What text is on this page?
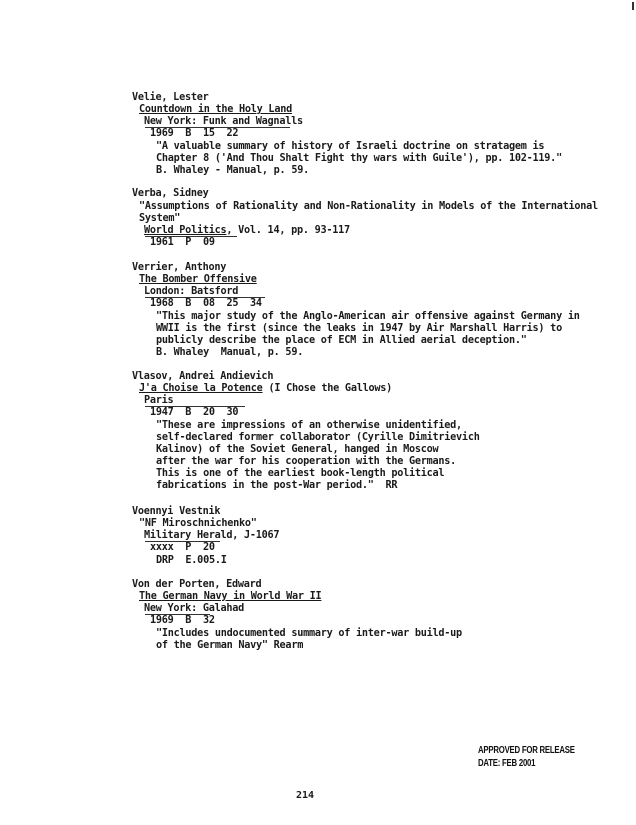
Velie, Lester
Countdown in the Holy Land
New York: Funk and Wagnalls
1969  B  15  22
"A valuable summary of history of Israeli doctrine on stratagem is
Chapter 8 ('And Thou Shalt Fight thy wars with Guile'), pp. 102-119."
B. Whaley - Manual, p. 59.
Verba, Sidney
"Assumptions of Rationality and Non-Rationality in Models of the International
System"
World Politics, Vol. 14, pp. 93-117
1961  P  09
Verrier, Anthony
The Bomber Offensive
London: Batsford
1968  B  08  25  34
"This major study of the Anglo-American air offensive against Germany in
WWII is the first (since the leaks in 1947 by Air Marshall Harris) to
publicly describe the place of ECM in Allied aerial deception."
B. Whaley  Manual, p. 59.
Vlasov, Andrei Andievich
J'a Choise la Potence (I Chose the Gallows)
Paris
1947  B  20  30
"These are impressions of an otherwise unidentified,
self-declared former collaborator (Cyrille Dimitrievich
Kalinov) of the Soviet General, hanged in Moscow
after the war for his cooperation with the Germans.
This is one of the earliest book-length political
fabrications in the post-War period."  RR
Voennyi Vestnik
"NF Miroschnichenko"
Military Herald, J-1067
xxxx  P  20
DRP  E.005.I
Von der Porten, Edward
The German Navy in World War II
New York: Galahad
1969  B  32
"Includes undocumented summary of inter-war build-up
of the German Navy" Rearm
APPROVED FOR RELEASE
DATE: FEB 2001
214
